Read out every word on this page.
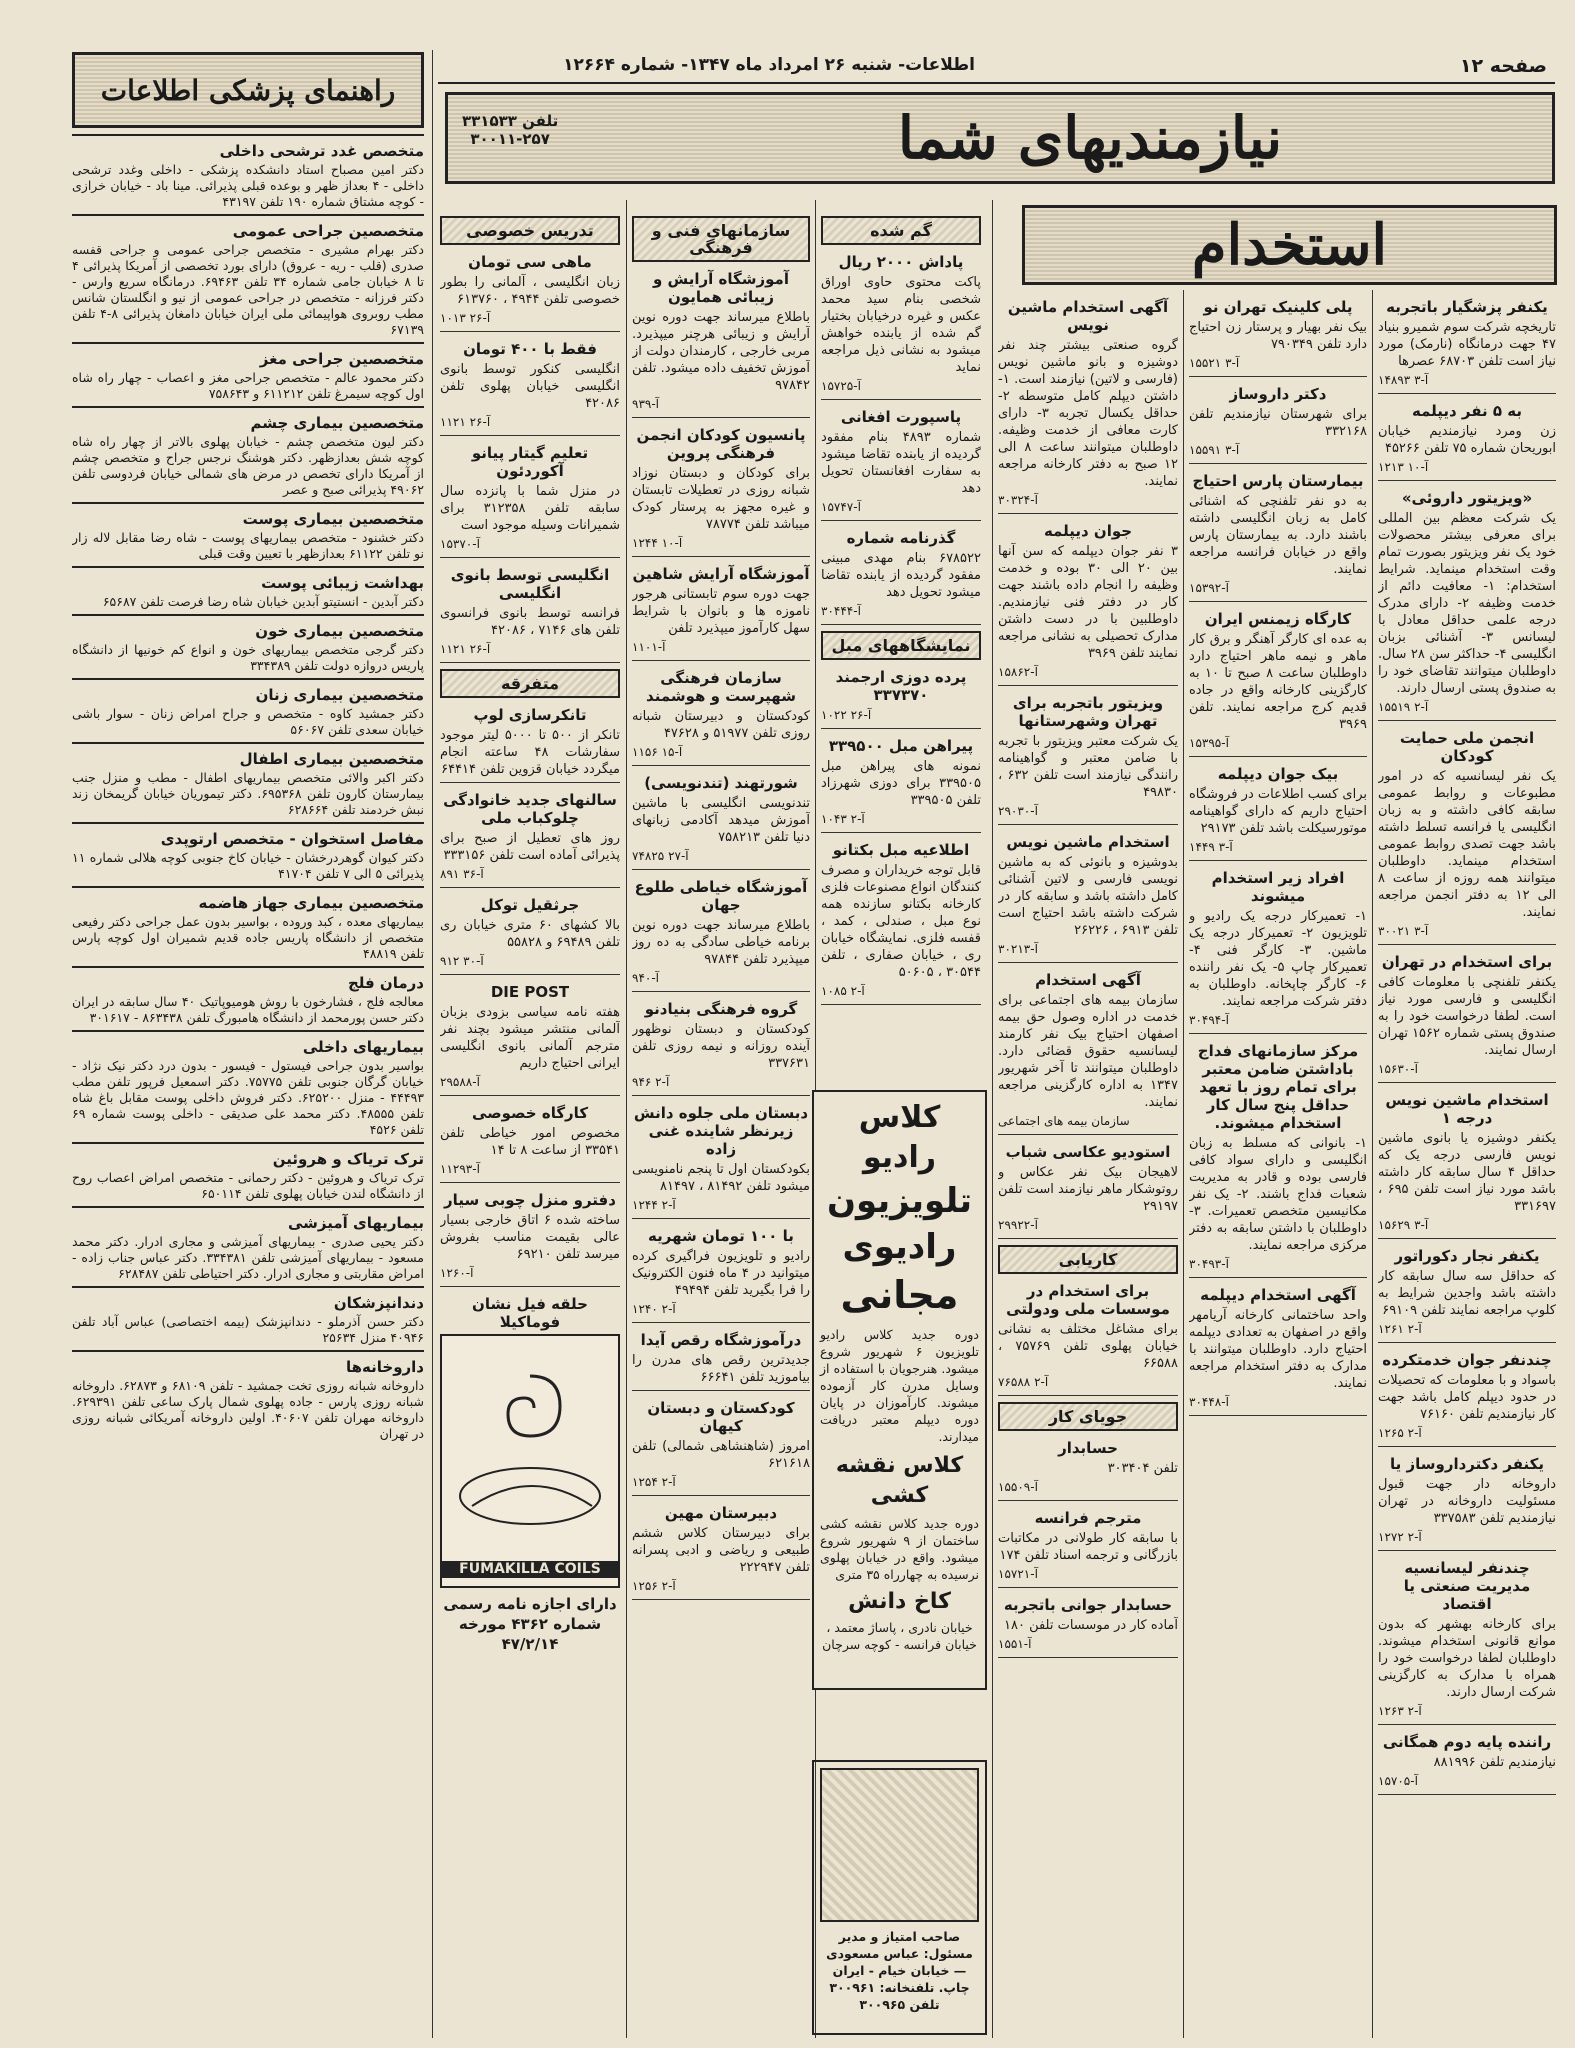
صفحه ۱۲
اطلاعات- شنبه ۲۶ امرداد ماه ۱۳۴۷- شماره ۱۲۶۶۴
نیازمندیهای شما
تلفن ۳۳۱۵۳۳
۳۰۰۱۱-۲۵۷
راهنمای پزشکی اطلاعات
متخصص غدد ترشحی داخلی

دکتر امین مصباح استاد دانشکده پزشکی - داخلی وغدد ترشحی داخلی - ۴ بعداز ظهر و بوعده قبلی پذیرائی. مینا باد - خیابان خرازی - کوچه مشتاق شماره ۱۹۰ تلفن ۴۳۱۹۷

متخصصین جراحی عمومی

دکتر بهرام مشیری - متخصص جراحی عمومی و جراحی قفسه صدری (قلب - ریه - عروق) دارای بورد تخصصی از آمریکا پذیرائی ۴ تا ۸ خیابان جامی شماره ۳۴ تلفن ۶۹۴۶۳. درمانگاه سریع وارس - دکتر فرزانه - متخصص در جراحی عمومی از نیو و انگلستان شانس مطب روبروی هواپیمائی ملی ایران خیابان دامغان پذیرائی ۸-۴ تلفن ۶۷۱۳۹

متخصصین جراحی مغز

دکتر محمود عالم - متخصص جراحی مغز و اعصاب - چهار راه شاه اول کوچه سیمرغ تلفن ۶۱۱۲۱۲ و ۷۵۸۶۴۳

متخصصین بیماری چشم

دکتر لیون متخصص چشم - خیابان پهلوی بالاتر از چهار راه شاه کوچه شش بعدازظهر. دکتر هوشنگ نرجس جراح و متخصص چشم از آمریکا دارای تخصص در مرض های شمالی خیابان فردوسی تلفن ۴۹۰۶۲ پذیرائی صبح و عصر

متخصصین بیماری پوست

دکتر خشنود - متخصص بیماریهای پوست - شاه رضا مقابل لاله زار نو تلفن ۶۱۱۲۲ بعدازظهر با تعیین وقت قبلی

بهداشت زیبائی پوست

دکتر آبدین - انستیتو آبدین خیابان شاه رضا فرصت تلفن ۶۵۶۸۷

متخصصین بیماری خون

دکتر گرجی متخصص بیماریهای خون و انواع کم خونیها از دانشگاه پاریس دروازه دولت تلفن ۳۳۴۳۸۹

متخصصین بیماری زنان

دکتر جمشید کاوه - متخصص و جراح امراض زنان - سوار باشی خیابان سعدی تلفن ۵۶۰۶۷

متخصصین بیماری اطفال

دکتر اکبر والائی متخصص بیماریهای اطفال - مطب و منزل جنب بیمارستان کارون تلفن ۶۹۵۳۶۸. دکتر تیموریان خیابان گریمخان زند نبش خردمند تلفن ۶۲۸۶۶۴

مفاصل استخوان - متخصص ارتوپدی

دکتر کیوان گوهردرخشان - خیابان کاخ جنوبی کوچه هلالی شماره ۱۱ پذیرائی ۵ الی ۷ تلفن ۴۱۷۰۴

متخصصین بیماری جهاز هاضمه

بیماریهای معده ، کبد وروده ، بواسیر بدون عمل جراحی دکتر رفیعی متخصص از دانشگاه پاریس جاده قدیم شمیران اول کوچه پارس تلفن ۴۸۸۱۹

درمان فلج

معالجه فلج ، فشارخون با روش هومیوپاتیک ۴۰ سال سابقه در ایران دکتر حسن پورمحمد از دانشگاه هامبورگ تلفن ۸۶۳۴۳۸ - ۳۰۱۶۱۷

بیماریهای داخلی

بواسیر بدون جراحی فیستول - فیسور - بدون درد دکتر نیک نژاد - خیابان گرگان جنوبی تلفن ۷۵۷۷۵. دکتر اسمعیل فرپور تلفن مطب ۴۴۴۹۳ - منزل ۶۲۵۲۰۰. دکتر فروش داخلی پوست مقابل باغ شاه تلفن ۴۸۵۵۵. دکتر محمد علی صدیقی - داخلی پوست شماره ۶۹ تلفن ۴۵۲۶

ترک تریاک و هروئین

ترک تریاک و هروئین - دکتر رحمانی - متخصص امراض اعصاب روح از دانشگاه لندن خیابان پهلوی تلفن ۶۵۰۱۱۴

بیماریهای آمیزشی

دکتر یحیی صدری - بیماریهای آمیزشی و مجاری ادرار. دکتر محمد مسعود - بیماریهای آمیزشی تلفن ۳۳۴۳۸۱. دکتر عباس جناب زاده - امراض مقاربتی و مجاری ادرار. دکتر احتیاطی تلفن ۶۲۸۴۸۷

دندانپزشکان

دکتر حسن آذرملو - دندانپزشک (بیمه اختصاصی) عباس آباد تلفن ۴۰۹۴۶ منزل ۲۵۶۳۴

داروخانه‌ها

داروخانه شبانه روزی تخت جمشید - تلفن ۶۸۱۰۹ و ۶۲۸۷۳. داروخانه شبانه روزی پارس - جاده پهلوی شمال پارک ساعی تلفن ۶۲۹۳۹۱. داروخانه مهران تلفن ۴۰۶۰۷. اولین داروخانه آمریکائی شبانه روزی در تهران

تدریس خصوصی
ماهی سی تومان

زبان انگلیسی ، آلمانی را بطور خصوصی تلفن ۴۹۴۴ ، ۶۱۳۷۶۰

آ-۲۶ ۱۰۱۳

فقط با ۴۰۰ تومان

انگلیسی کنکور توسط بانوی انگلیسی خیابان پهلوی تلفن ۴۲۰۸۶

آ-۲۶ ۱۱۲۱

تعلیم گیتار پیانو آکوردئون

در منزل شما با پانزده سال سابقه تلفن ۳۱۲۳۵۸ برای شمیرانات وسیله موجود است

آ-۱۵۳۷۰

انگلیسی توسط بانوی انگلیسی

فرانسه توسط بانوی فرانسوی تلفن های ۷۱۴۶ ، ۴۲۰۸۶

آ-۲۶ ۱۱۲۱

متفرقه
تانکرسازی لوپ

تانکر از ۵۰۰ تا ۵۰۰۰ لیتر موجود سفارشات ۴۸ ساعته انجام میگردد خیابان قزوین تلفن ۶۴۴۱۴

سالنهای جدید خانوادگی چلوکباب ملی

روز های تعطیل از صبح برای پذیرائی آماده است تلفن ۳۳۳۱۵۶

آ-۳۶ ۸۹۱

جرثقیل توکل

بالا کشهای ۶۰ متری خیابان ری تلفن ۶۹۴۸۹ و ۵۵۸۲۸

آ-۳۰ ۹۱۲

DIE POST

هفته نامه سیاسی بزودی بزبان آلمانی منتشر میشود بچند نفر مترجم آلمانی بانوی انگلیسی ایرانی احتیاج داریم

آ-۲۹۵۸۸

کارگاه خصوصی

مخصوص امور خیاطی تلفن ۳۳۵۴۱ از ساعت ۸ تا ۱۴

آ-۱۱۲۹۳

دفترو منزل چوبی سیار

ساخته شده ۶ اتاق خارجی بسیار عالی بقیمت مناسب بفروش میرسد تلفن ۶۹۲۱۰

آ-۱۲۶۰

حلقه فیل نشان فوماکیلا
FUMAKILLA COILS

دارای اجازه نامه رسمی شماره ۴۳۶۲ مورخه ۴۷/۲/۱۴

سازمانهای فنی و فرهنگی
آموزشگاه آرایش و زیبائی همایون

باطلاع میرساند جهت دوره نوین آرایش و زیبائی هرچنر میپذیرد. مربی خارجی ، کارمندان دولت از آموزش تخفیف داده میشود. تلفن ۹۷۸۴۲

آ-۹۳۹

پانسیون کودکان انجمن فرهنگی پروین

برای کودکان و دبستان نوزاد شبانه روزی در تعطیلات تابستان و غیره مجهز به پرستار کودک میباشد تلفن ۷۸۷۷۴

آ-۱۰ ۱۲۴۴

آموزشگاه آرایش شاهین

جهت دوره سوم تابستانی هرجور ناموزه ها و بانوان با شرایط سهل کارآموز میپذیرد تلفن

آ-۱۱۰۱

سازمان فرهنگی شهپرست و هوشمند

کودکستان و دبیرستان شبانه روزی تلفن ۵۱۹۷۷ و ۴۷۶۲۸

آ-۱۵ ۱۱۵۶

شورتهند (تندنویسی)

تندنویسی انگلیسی با ماشین آموزش میدهد آکادمی زبانهای دنیا تلفن ۷۵۸۲۱۳

آ-۲۷ ۷۴۸۲۵

آموزشگاه خیاطی طلوع جهان

باطلاع میرساند جهت دوره نوین برنامه خیاطی سادگی به ده روز میپذیرد تلفن ۹۷۸۴۴

آ-۹۴۰

گروه فرهنگی بنیادنو

کودکستان و دبستان نوظهور آینده روزانه و نیمه روزی تلفن ۳۳۷۶۳۱

آ-۲ ۹۴۶

دبستان ملی جلوه دانش زیرنظر شاینده غنی زاده

بکودکستان اول تا پنجم نامنویسی میشود تلفن ۸۱۴۹۲ ، ۸۱۴۹۷

آ-۲ ۱۲۴۴

با ۱۰۰ تومان شهریه

رادیو و تلویزیون فراگیری کرده میتوانید در ۴ ماه فنون الکترونیک را فرا بگیرید تلفن ۴۹۴۹۴

آ-۲ ۱۲۴۰

درآموزشگاه رقص آیدا

جدیدترین رقص های مدرن را بیاموزید تلفن ۶۶۶۴۱

کودکستان و دبستان کیهان

امروز (شاهنشاهی شمالی) تلفن ۶۲۱۶۱۸

آ-۲ ۱۲۵۴

دبیرستان مهین

برای دبیرستان کلاس ششم طبیعی و ریاضی و ادبی پسرانه تلفن ۲۲۲۹۴۷

آ-۲ ۱۲۵۶

گم شده
پاداش ۲۰۰۰ ریال

پاکت محتوی حاوی اوراق شخصی بنام سید محمد عکس و غیره درخیابان بختیار گم شده از یابنده خواهش میشود به نشانی ذیل مراجعه نماید

آ-۱۵۷۲۵

پاسپورت افغانی

شماره ۴۸۹۳ بنام مفقود گردیده از یابنده تقاضا میشود به سفارت افغانستان تحویل دهد

آ-۱۵۷۴۷

گذرنامه شماره

۶۷۸۵۲۲ بنام مهدی مبینی مفقود گردیده از یابنده تقاضا میشود تحویل دهد

آ-۳۰۴۴۴

نمایشگاههای مبل
پرده دوزی ارجمند ۳۳۷۳۷۰

آ-۲۶ ۱۰۲۲

پیراهن مبل ۳۳۹۵۰۰

نمونه های پیراهن مبل ۳۳۹۵۰۵ برای دوزی شهرزاد تلفن ۳۳۹۵۰۵

آ-۲ ۱۰۴۳

اطلاعیه مبل بکتانو

قابل توجه خریداران و مصرف کنندگان انواع مصنوعات فلزی کارخانه بکتانو سازنده همه نوع مبل ، صندلی ، کمد ، قفسه فلزی. نمایشگاه خیابان ری ، خیابان صفاری ، تلفن ۳۰۵۴۴ ، ۵۰۶۰۵

آ-۲ ۱۰۸۵

کلاس رادیو
تلویزیون
رادیوی
مجانی

دوره جدید کلاس رادیو تلویزیون ۶ شهریور شروع میشود. هنرجویان با استفاده از وسایل مدرن کار آزموده میشوند. کارآموزان در پایان دوره دیپلم معتبر دریافت میدارند.

کلاس نقشه کشی

دوره جدید کلاس نقشه کشی ساختمان از ۹ شهریور شروع میشود. واقع در خیابان پهلوی نرسیده به چهارراه ۳۵ متری

کاخ دانش

خیابان نادری ، پاساژ معتمد ، خیابان فرانسه - کوچه سرچان

صاحب امتیاز و مدیر مسئول: عباس مسعودی — خیابان خیام - ایران چاپ. تلفنخانه: ۳۰۰۹۶۱ تلفن ۳۰۰۹۶۵

آگهی استخدام ماشین نویس

گروه صنعتی بیشتر چند نفر دوشیزه و بانو ماشین نویس (فارسی و لاتین) نیازمند است. ۱- داشتن دیپلم کامل متوسطه ۲- حداقل یکسال تجربه ۳- دارای کارت معافی از خدمت وظیفه. داوطلبان میتوانند ساعت ۸ الی ۱۲ صبح به دفتر کارخانه مراجعه نمایند.

آ-۳۰۳۲۴

جوان دیپلمه

۳ نفر جوان دیپلمه که سن آنها بین ۲۰ الی ۳۰ بوده و خدمت وظیفه را انجام داده باشند جهت کار در دفتر فنی نیازمندیم. داوطلبین با در دست داشتن مدارک تحصیلی به نشانی مراجعه نمایند تلفن ۳۹۶۹

آ-۱۵۸۶۲

ویزیتور باتجربه برای تهران وشهرستانها

یک شرکت معتبر ویزیتور با تجربه با ضامن معتبر و گواهینامه رانندگی نیازمند است تلفن ۶۳۲ ، ۴۹۸۳۰

آ-۲۹۰۳۰

استخدام ماشین نویس

بدوشیزه و بانوئی که به ماشین نویسی فارسی و لاتین آشنائی کامل داشته باشد و سابقه کار در شرکت داشته باشد احتیاج است تلفن ۶۹۱۳ ، ۲۶۲۲۶

آ-۳۰۲۱۳

آگهی استخدام

سازمان بیمه های اجتماعی برای خدمت در اداره وصول حق بیمه اصفهان احتیاج بیک نفر کارمند لیسانسیه حقوق قضائی دارد. داوطلبان میتوانند تا آخر شهریور ۱۳۴۷ به اداره کارگزینی مراجعه نمایند.

سازمان بیمه های اجتماعی

استودیو عکاسی شباب

لاهیجان بیک نفر عکاس و روتوشکار ماهر نیازمند است تلفن ۲۹۱۹۷

آ-۲۹۹۲۲

کاریابی
برای استخدام در موسسات ملی ودولتی

برای مشاغل مختلف به نشانی خیابان پهلوی تلفن ۷۵۷۶۹ ، ۶۶۵۸۸

آ-۲ ۷۶۵۸۸

جویای کار
حسابدار

تلفن ۳۰۳۴۰۴

آ-۱۵۵۰۹

مترجم فرانسه

با سابقه کار طولانی در مکاتبات بازرگانی و ترجمه اسناد تلفن ۱۷۴

آ-۱۵۷۲۱

حسابدار جوانی باتجربه

آماده کار در موسسات تلفن ۱۸۰

آ-۱۵۵۱

پلی کلینیک تهران نو

بیک نفر بهیار و پرستار زن احتیاج دارد تلفن ۷۹۰۳۴۹

آ-۳ ۱۵۵۲۱

دکتر داروساز

برای شهرستان نیازمندیم تلفن ۳۳۲۱۶۸

آ-۳ ۱۵۵۹۱

بیمارستان پارس احتیاج

به دو نفر تلفنچی که اشنائی کامل به زبان انگلیسی داشته باشند دارد. به بیمارستان پارس واقع در خیابان فرانسه مراجعه نمایند.

آ-۱۵۳۹۲

کارگاه زیمنس ایران

به عده ای کارگر آهنگر و برق کار ماهر و نیمه ماهر احتیاج دارد داوطلبان ساعت ۸ صبح تا ۱۰ به کارگزینی کارخانه واقع در جاده قدیم کرج مراجعه نمایند. تلفن ۳۹۶۹

آ-۱۵۳۹۵

بیک جوان دیپلمه

برای کسب اطلاعات در فروشگاه احتیاج داریم که دارای گواهینامه موتورسیکلت باشد تلفن ۲۹۱۷۳

آ-۳ ۱۴۴۹

افراد زیر استخدام میشوند

۱- تعمیرکار درجه یک رادیو و تلویزیون ۲- تعمیرکار درجه یک ماشین. ۳- کارگر فنی ۴- تعمیرکار چاپ ۵- یک نفر راننده ۶- کارگر چاپخانه. داوطلبان به دفتر شرکت مراجعه نمایند.

آ-۳۰۴۹۴

مرکز سازمانهای فداج باداشتن ضامن معتبر برای تمام روز با تعهد حداقل پنج سال کار استخدام میشوند.

۱- بانوانی که مسلط به زبان انگلیسی و دارای سواد کافی فارسی بوده و قادر به مدیریت شعبات فداج باشند. ۲- یک نفر مکانیسین متخصص تعمیرات. ۳- داوطلبان با داشتن سابقه به دفتر مرکزی مراجعه نمایند.

آ-۳۰۴۹۳

آگهی استخدام دیپلمه

واحد ساختمانی کارخانه آریامهر واقع در اصفهان به تعدادی دیپلمه احتیاج دارد. داوطلبان میتوانند با مدارک به دفتر استخدام مراجعه نمایند.

آ-۳۰۴۴۸

استخدام
یکنفر پزشگیار باتجربه

تاریخچه شرکت سوم شمیرو بنیاد ۴۷ جهت درمانگاه (نارمک) مورد نیاز است تلفن ۶۸۷۰۳ عصرها

آ-۳ ۱۴۸۹۳

به ۵ نفر دیپلمه

زن ومرد نیازمندیم خیابان ابوریحان شماره ۷۵ تلفن ۴۵۲۶۶

آ-۱۰ ۱۲۱۳

«ویزیتور داروئی»

یک شرکت معظم بین المللی برای معرفی بیشتر محصولات خود یک نفر ویزیتور بصورت تمام وقت استخدام مینماید. شرایط استخدام: ۱- معافیت دائم از خدمت وظیفه ۲- دارای مدرک درجه علمی حداقل معادل با لیسانس ۳- آشنائی بزبان انگلیسی ۴- حداکثر سن ۲۸ سال. داوطلبان میتوانند تقاضای خود را به صندوق پستی ارسال دارند.

آ-۲ ۱۵۵۱۹

انجمن ملی حمایت کودکان

یک نفر لیسانسیه که در امور مطبوعات و روابط عمومی سابقه کافی داشته و به زبان انگلیسی یا فرانسه تسلط داشته باشد جهت تصدی روابط عمومی استخدام مینماید. داوطلبان میتوانند همه روزه از ساعت ۸ الی ۱۲ به دفتر انجمن مراجعه نمایند.

آ-۳ ۳۰۰۲۱

برای استخدام در تهران

یکنفر تلفنچی با معلومات کافی انگلیسی و فارسی مورد نیاز است. لطفا درخواست خود را به صندوق پستی شماره ۱۵۶۲ تهران ارسال نمایند.

آ-۱۵۶۳۰

استخدام ماشین نویس درجه ۱

یکنفر دوشیزه یا بانوی ماشین نویس فارسی درجه یک که حداقل ۴ سال سابقه کار داشته باشد مورد نیاز است تلفن ۶۹۵ ، ۳۳۱۶۹۷

آ-۳ ۱۵۶۲۹

یکنفر نجار دکوراتور

که حداقل سه سال سابقه کار داشته باشد واجدین شرایط به کلوپ مراجعه نمایند تلفن ۶۹۱۰۹

آ-۲ ۱۲۶۱

چندنفر جوان خدمتکرده

باسواد و با معلومات که تحصیلات در حدود دیپلم کامل باشد جهت کار نیازمندیم تلفن ۷۶۱۶۰

آ-۲ ۱۲۶۵

یکنفر دکترداروساز یا

داروخانه دار جهت قبول مسئولیت داروخانه در تهران نیازمندیم تلفن ۳۳۷۵۸۳

آ-۲ ۱۲۷۲

چندنفر لیسانسیه مدیریت صنعتی یا اقتصاد

برای کارخانه بهشهر که بدون موانع قانونی استخدام میشوند. داوطلبان لطفا درخواست خود را همراه با مدارک به کارگزینی شرکت ارسال دارند.

آ-۲ ۱۲۶۳

راننده پایه دوم همگانی

نیازمندیم تلفن ۸۸۱۹۹۶

آ-۱۵۷۰۵
